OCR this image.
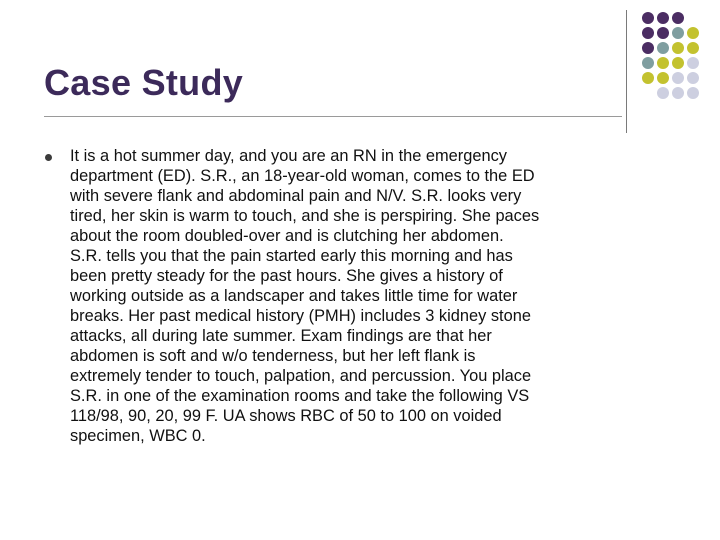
Case Study
It is a hot summer day, and you are an RN in the emergency
department (ED). S.R., an 18-year-old woman, comes to the ED
with severe flank and abdominal pain and N/V. S.R. looks very
tired, her skin is warm to touch, and she is perspiring. She paces
about the room doubled-over and is clutching her abdomen.
S.R. tells you that the pain started early this morning and has
been pretty steady for the past hours. She gives a history of
working outside as a landscaper and takes little time for water
breaks. Her past medical history (PMH) includes 3 kidney stone
attacks, all during late summer. Exam findings are that her
abdomen is soft and w/o tenderness, but her left flank is
extremely tender to touch, palpation, and percussion. You place
S.R. in one of the examination rooms and take the following VS
118/98, 90, 20, 99 F. UA shows RBC of 50 to 100 on voided
specimen, WBC 0.
